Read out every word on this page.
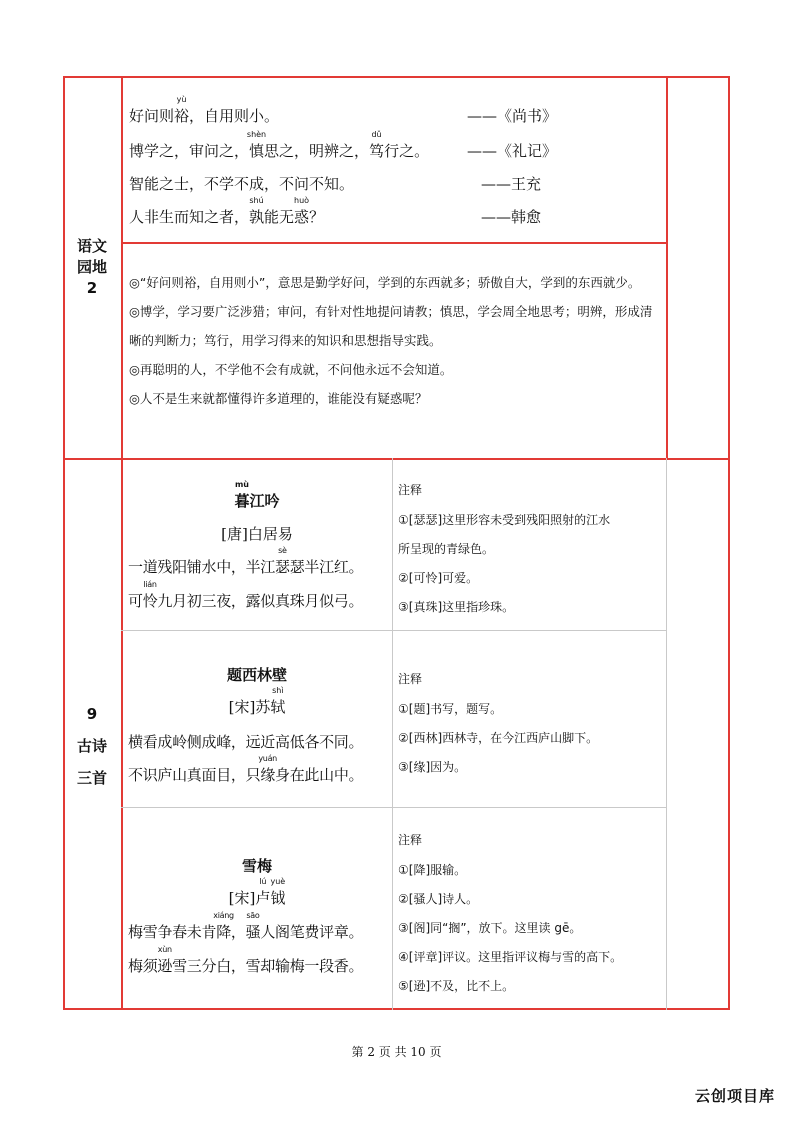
语文
园地
2
好问则
yù
裕，自用则小。	——《尚书》
博学之，审问之，
shèn
慎思之，明辨之，
dǔ
笃行之。	——《礼记》
智能之士，不学不成，不问不知。	——王充
人非生而知之者，
shú
孰能无
huò
惑？	——韩愈

◎“好问则裕，自用则小”，意思是勤学好问，学到的东西就多；骄傲自大，学到的东西就少。

◎博学，学习要广泛涉猎；审问，有针对性地提问请教；慎思，学会周全地思考；明辨，形成清晰的判断力；笃行，用学习得来的知识和思想指导实践。

◎再聪明的人，不学他不会有成就，不问他永远不会知道。

◎人不是生来就都懂得许多道理的，谁能没有疑惑呢？

9
古诗
三首
mù
暮江吟
[唐]白居易
一道残阳铺水中，半江
sè
瑟瑟半江红。
可
lián
怜九月初三夜，露似真珠月似弓。
注释
①[瑟瑟]这里形容未受到残阳照射的江水
所呈现的青绿色。
②[可怜]可爱。
③[真珠]这里指珍珠。
题西林壁
[宋]苏
shì
轼
横看成岭侧成峰，远近高低各不同。
不识庐山真面目，只
yuán
缘身在此山中。
注释
①[题]书写，题写。
②[西林]西林寺，在今江西庐山脚下。
③[缘]因为。
雪梅
[宋]
lú
卢
yuè
钺
梅雪争春未肯
xiáng
降，
sāo
骚人阁笔费评章。
梅须
xùn
逊雪三分白，雪却输梅一段香。
注释
①[降]服输。
②[骚人]诗人。
③[阁]同“搁”，放下。这里读 gē。
④[评章]评议。这里指评议梅与雪的高下。
⑤[逊]不及，比不上。
第 2 页 共 10 页
云创项目库
